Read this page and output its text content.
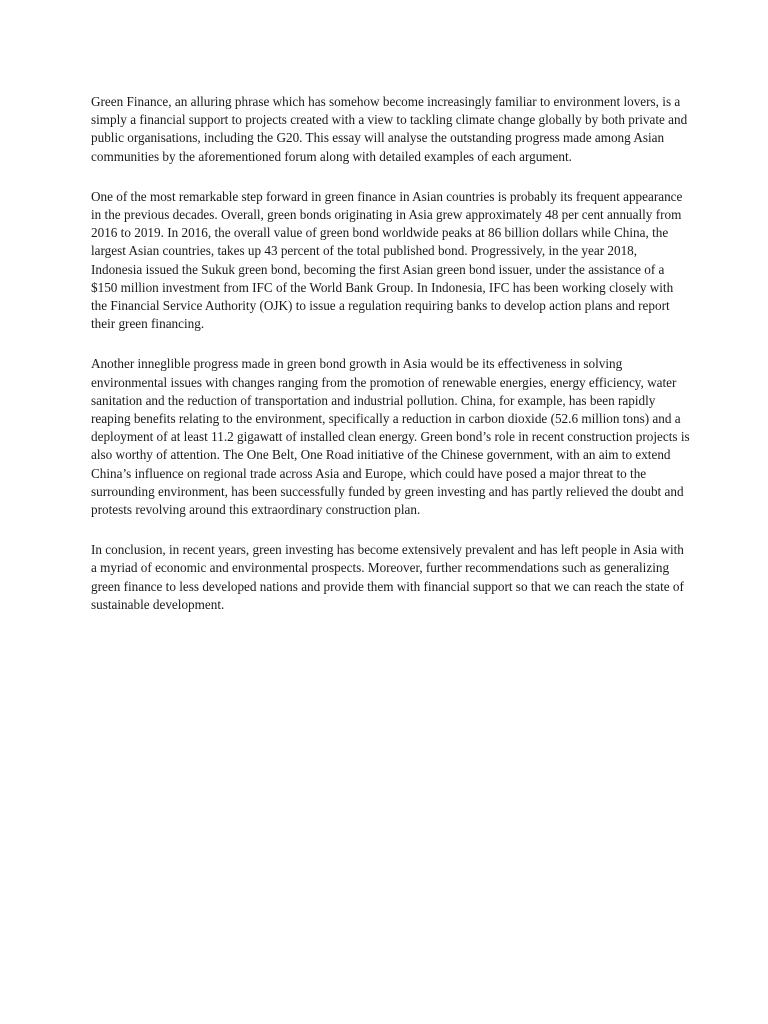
Green Finance, an alluring phrase which has somehow become increasingly familiar to environment lovers, is a simply a financial support to projects created with a view to tackling climate change globally by both private and public organisations, including the G20. This essay will analyse the outstanding progress made among Asian communities by the aforementioned forum along with detailed examples of each argument.

One of the most remarkable step forward in green finance in Asian countries is probably its frequent appearance in the previous decades. Overall, green bonds originating in Asia grew approximately 48 per cent annually from 2016 to 2019. In 2016, the overall value of green bond worldwide peaks at 86 billion dollars while China, the largest Asian countries, takes up 43 percent of the total published bond. Progressively, in the year 2018, Indonesia issued the Sukuk green bond, becoming the first Asian green bond issuer, under the assistance of a $150 million investment from IFC of the World Bank Group. In Indonesia, IFC has been working closely with the Financial Service Authority (OJK) to issue a regulation requiring banks to develop action plans and report their green financing.

Another inneglible progress made in green bond growth in Asia would be its effectiveness in solving environmental issues with changes ranging from the promotion of renewable energies, energy efficiency, water sanitation and the reduction of transportation and industrial pollution. China, for example, has been rapidly reaping benefits relating to the environment, specifically a reduction in carbon dioxide (52.6 million tons) and a deployment of at least 11.2 gigawatt of installed clean energy. Green bond’s role in recent construction projects is also worthy of attention. The One Belt, One Road initiative of the Chinese government, with an aim to extend China’s influence on regional trade across Asia and Europe, which could have posed a major threat to the surrounding environment, has been successfully funded by green investing and has partly relieved the doubt and protests revolving around this extraordinary construction plan.

In conclusion, in recent years, green investing has become extensively prevalent and has left people in Asia with a myriad of economic and environmental prospects. Moreover, further recommendations such as generalizing green finance to less developed nations and provide them with financial support so that we can reach the state of sustainable development.
